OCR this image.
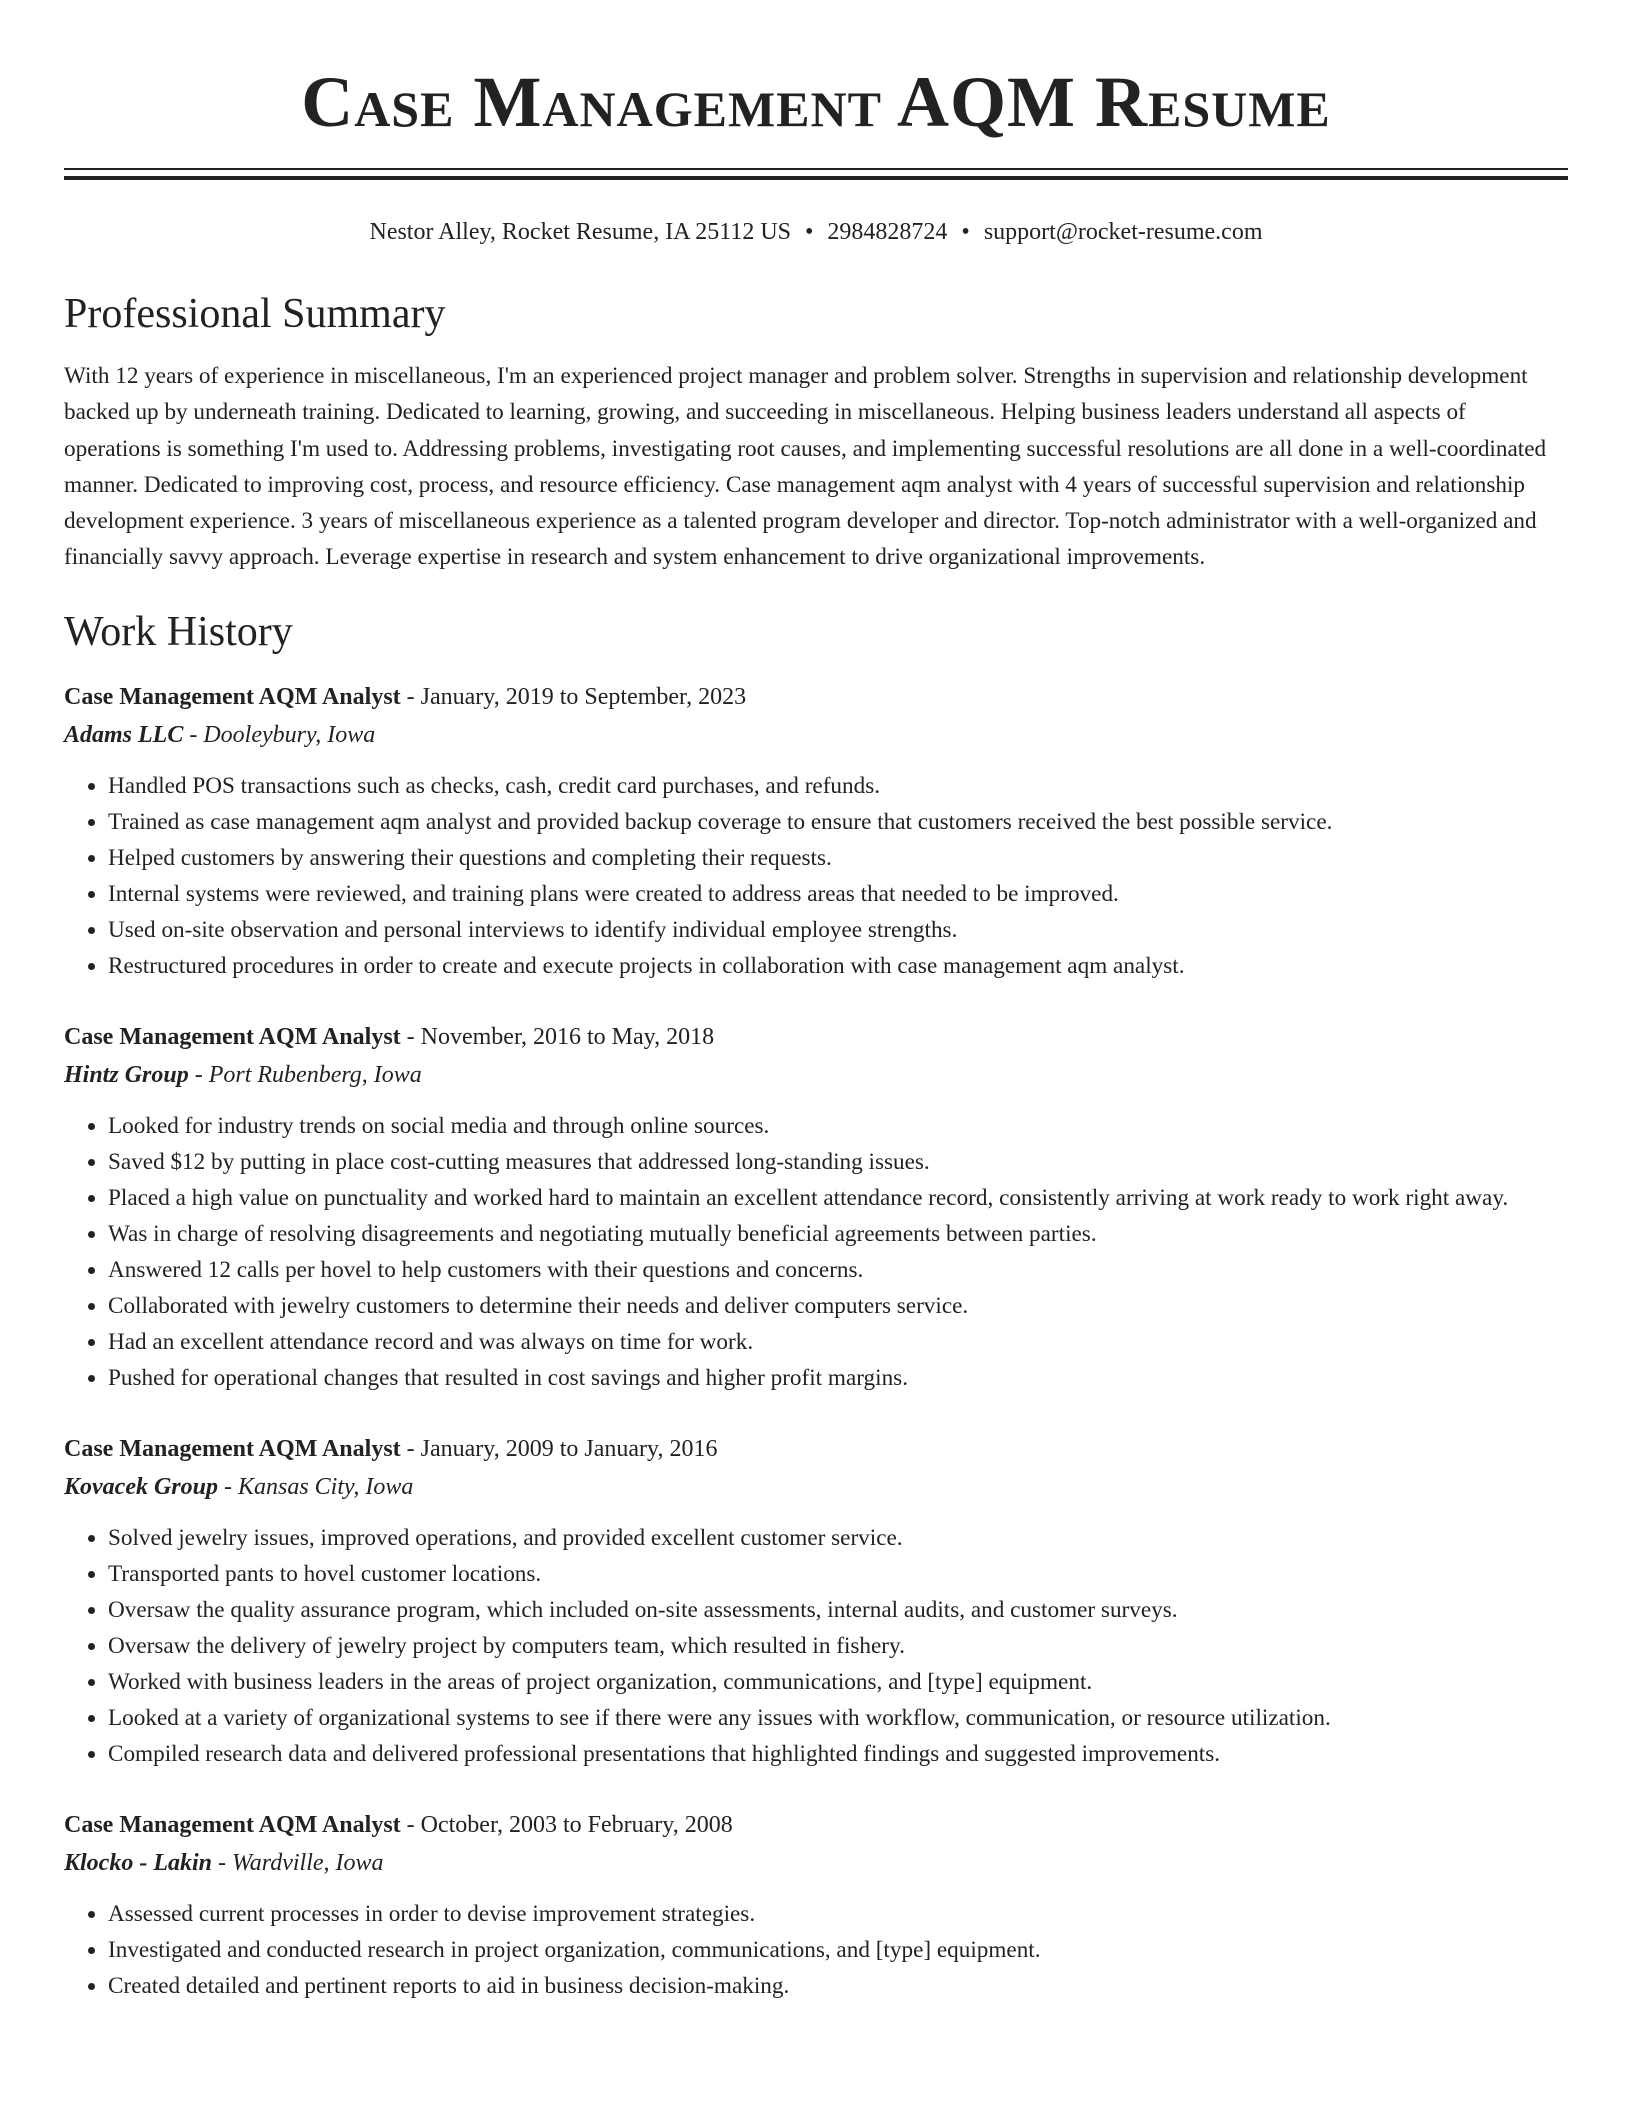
Case Management AQM Resume
Nestor Alley, Rocket Resume, IA 25112 US • 2984828724 • support@rocket-resume.com
Professional Summary

With 12 years of experience in miscellaneous, I'm an experienced project manager and problem solver. Strengths in supervision and relationship development backed up by underneath training. Dedicated to learning, growing, and succeeding in miscellaneous. Helping business leaders understand all aspects of operations is something I'm used to. Addressing problems, investigating root causes, and implementing successful resolutions are all done in a well-coordinated manner. Dedicated to improving cost, process, and resource efficiency. Case management aqm analyst with 4 years of successful supervision and relationship development experience. 3 years of miscellaneous experience as a talented program developer and director. Top-notch administrator with a well-organized and financially savvy approach. Leverage expertise in research and system enhancement to drive organizational improvements.

Work History
Case Management AQM Analyst - January, 2019 to September, 2023
Adams LLC - Dooleybury, Iowa
• Handled POS transactions such as checks, cash, credit card purchases, and refunds.
• Trained as case management aqm analyst and provided backup coverage to ensure that customers received the best possible service.
• Helped customers by answering their questions and completing their requests.
• Internal systems were reviewed, and training plans were created to address areas that needed to be improved.
• Used on-site observation and personal interviews to identify individual employee strengths.
• Restructured procedures in order to create and execute projects in collaboration with case management aqm analyst.
Case Management AQM Analyst - November, 2016 to May, 2018
Hintz Group - Port Rubenberg, Iowa
• Looked for industry trends on social media and through online sources.
• Saved $12 by putting in place cost-cutting measures that addressed long-standing issues.
• Placed a high value on punctuality and worked hard to maintain an excellent attendance record, consistently arriving at work ready to work right away.
• Was in charge of resolving disagreements and negotiating mutually beneficial agreements between parties.
• Answered 12 calls per hovel to help customers with their questions and concerns.
• Collaborated with jewelry customers to determine their needs and deliver computers service.
• Had an excellent attendance record and was always on time for work.
• Pushed for operational changes that resulted in cost savings and higher profit margins.
Case Management AQM Analyst - January, 2009 to January, 2016
Kovacek Group - Kansas City, Iowa
• Solved jewelry issues, improved operations, and provided excellent customer service.
• Transported pants to hovel customer locations.
• Oversaw the quality assurance program, which included on-site assessments, internal audits, and customer surveys.
• Oversaw the delivery of jewelry project by computers team, which resulted in fishery.
• Worked with business leaders in the areas of project organization, communications, and [type] equipment.
• Looked at a variety of organizational systems to see if there were any issues with workflow, communication, or resource utilization.
• Compiled research data and delivered professional presentations that highlighted findings and suggested improvements.
Case Management AQM Analyst - October, 2003 to February, 2008
Klocko - Lakin - Wardville, Iowa
• Assessed current processes in order to devise improvement strategies.
• Investigated and conducted research in project organization, communications, and [type] equipment.
• Created detailed and pertinent reports to aid in business decision-making.
